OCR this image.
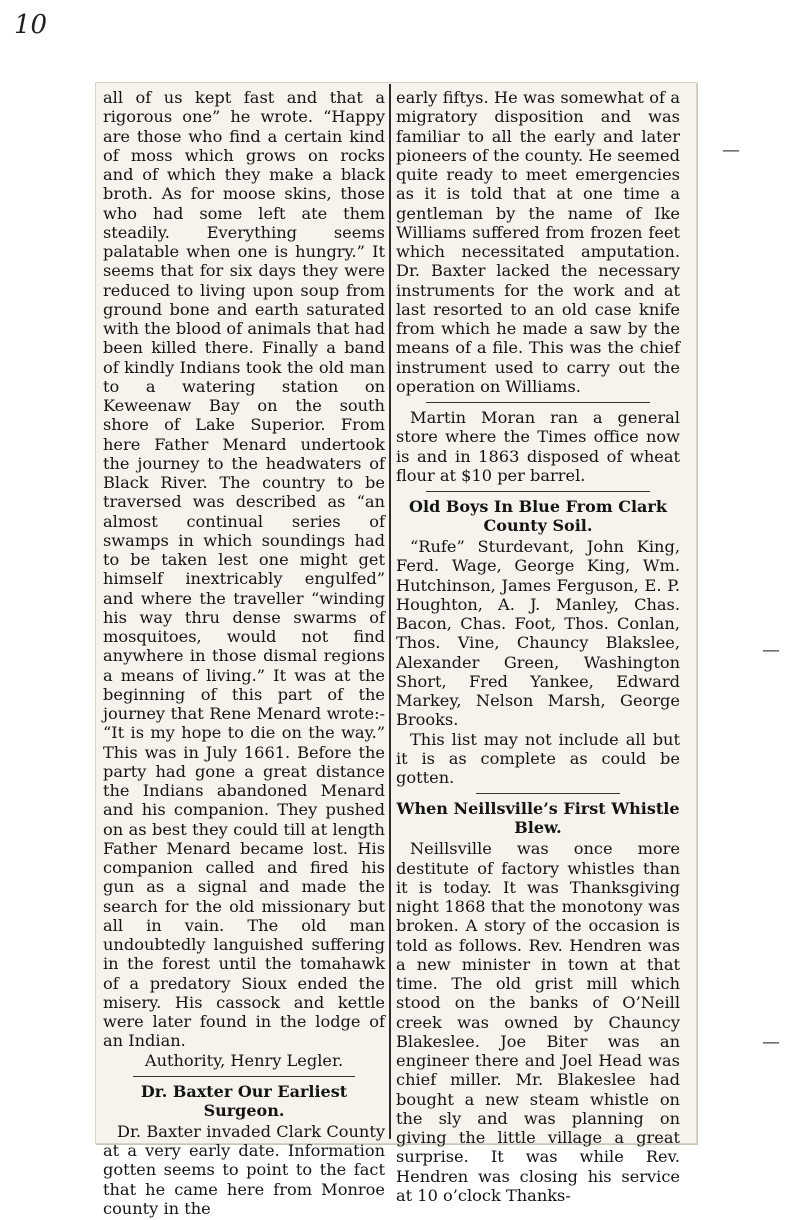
10
—
—
—

all of us kept fast and that a rigorous one” he wrote. “Happy are those who find a certain kind of moss which grows on rocks and of which they make a black broth. As for moose skins, those who had some left ate them steadily. Everything seems palatable when one is hungry.” It seems that for six days they were reduced to living upon soup from ground bone and earth saturated with the blood of animals that had been killed there. Finally a band of kindly Indians took the old man to a watering station on Keweenaw Bay on the south shore of Lake Superior. From here Father Menard undertook the journey to the headwaters of Black River. The country to be traversed was described as “an almost continual series of swamps in which soundings had to be taken lest one might get himself inextricably engulfed” and where the traveller “winding his way thru dense swarms of mosquitoes, would not find anywhere in those dismal regions a means of living.” It was at the beginning of this part of the journey that Rene Menard wrote:- “It is my hope to die on the way.” This was in July 1661. Before the party had gone a great distance the Indians abandoned Menard and his companion. They pushed on as best they could till at length Father Menard became lost. His companion called and fired his gun as a signal and made the search for the old missionary but all in vain. The old man undoubtedly languished suffering in the forest until the tomahawk of a predatory Sioux ended the misery. His cassock and kettle were later found in the lodge of an Indian.

Authority, Henry Legler.

Dr. Baxter Our Earliest Surgeon.

Dr. Baxter invaded Clark County at a very early date. Information gotten seems to point to the fact that he came here from Monroe county in the

early fiftys. He was somewhat of a migratory disposition and was familiar to all the early and later pioneers of the county. He seemed quite ready to meet emergencies as it is told that at one time a gentleman by the name of Ike Williams suffered from frozen feet which necessitated amputation. Dr. Baxter lacked the necessary instruments for the work and at last resorted to an old case knife from which he made a saw by the means of a file. This was the chief instrument used to carry out the operation on Williams.

Martin Moran ran a general store where the Times office now is and in 1863 disposed of wheat flour at $10 per barrel.

Old Boys In Blue From Clark County Soil.

“Rufe” Sturdevant, John King, Ferd. Wage, George King, Wm. Hutchinson, James Ferguson, E. P. Houghton, A. J. Manley, Chas. Bacon, Chas. Foot, Thos. Conlan, Thos. Vine, Chauncy Blakslee, Alexander Green, Washington Short, Fred Yankee, Edward Markey, Nelson Marsh, George Brooks.

This list may not include all but it is as complete as could be gotten.

When Neillsville’s First Whistle Blew.

Neillsville was once more destitute of factory whistles than it is today. It was Thanksgiving night 1868 that the monotony was broken. A story of the occasion is told as follows. Rev. Hendren was a new minister in town at that time. The old grist mill which stood on the banks of O’Neill creek was owned by Chauncy Blakeslee. Joe Biter was an engineer there and Joel Head was chief miller. Mr. Blakeslee had bought a new steam whistle on the sly and was planning on giving the little village a great surprise. It was while Rev. Hendren was closing his service at 10 o’clock Thanks-
